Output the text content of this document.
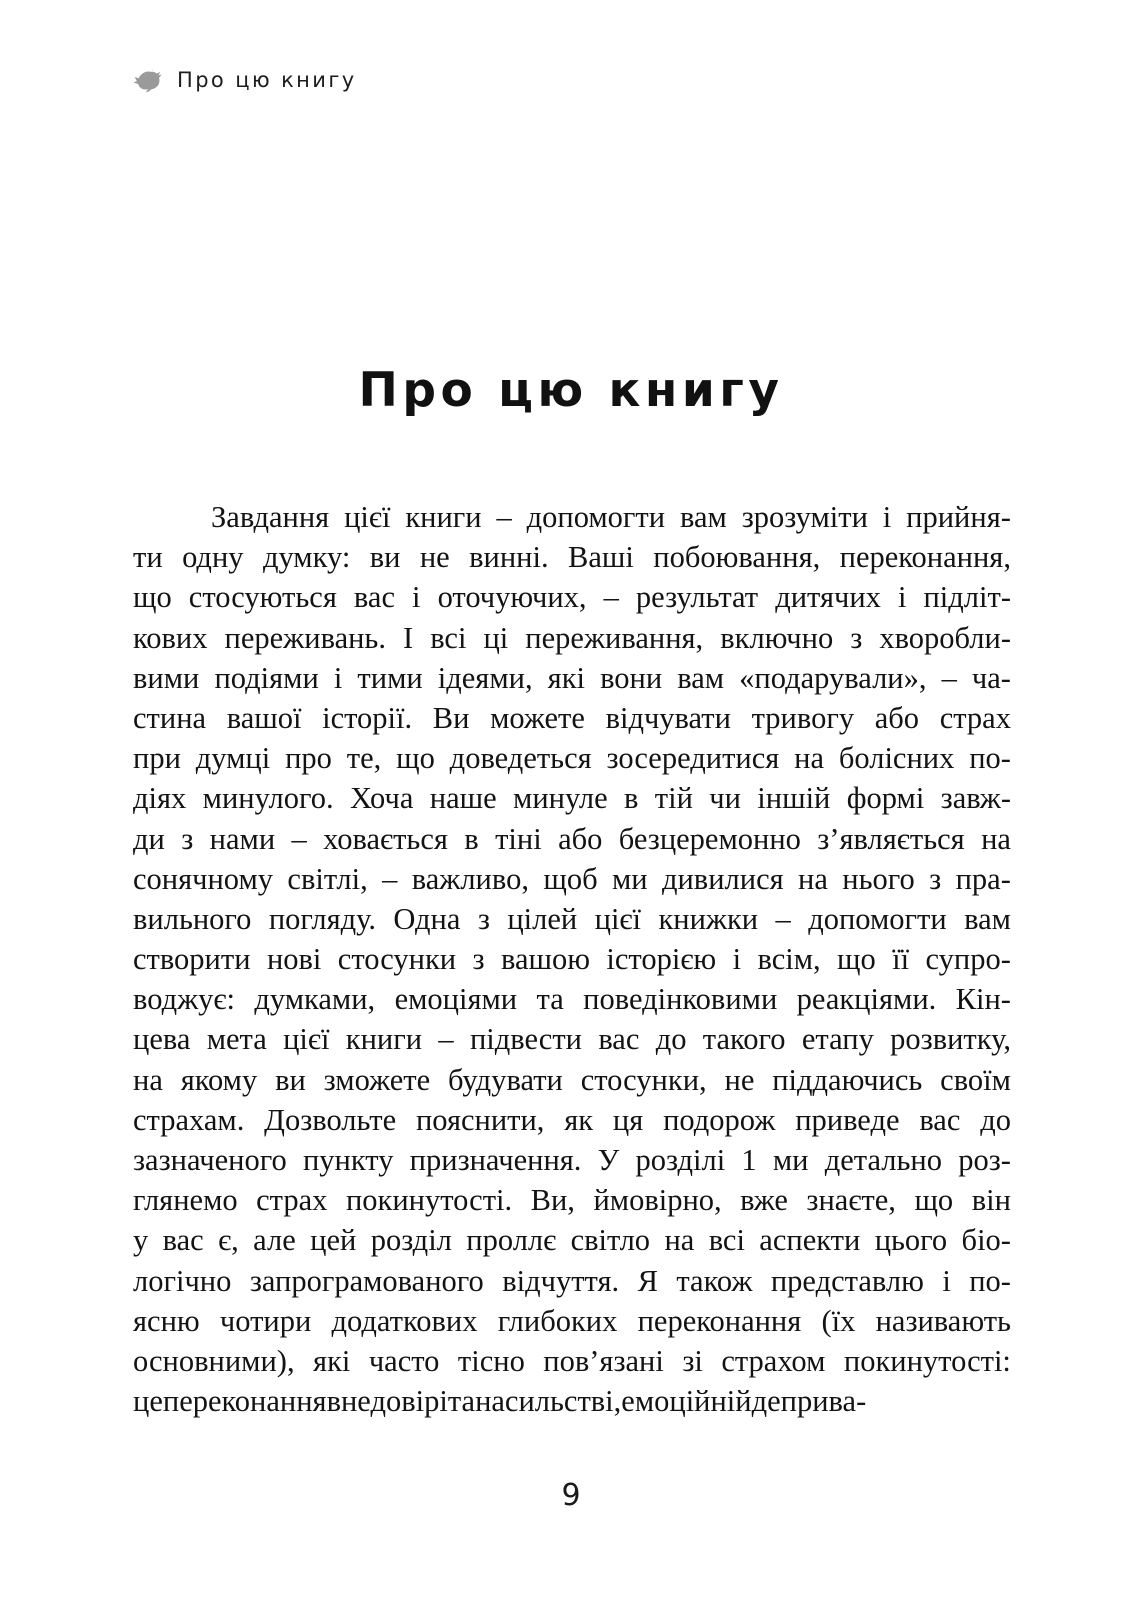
Про цю книгу
Про цю книгу
Завдання цієї книги – допомогти вам зрозуміти і прийня-
ти одну думку: ви не винні. Ваші побоювання, переконання,
що стосуються вас і оточуючих, – результат дитячих і підліт-
кових переживань. І всі ці переживання, включно з хворобли-
вими подіями і тими ідеями, які вони вам «подарували», – ча-
стина вашої історії. Ви можете відчувати тривогу або страх
при думці про те, що доведеться зосередитися на болісних по-
діях минулого. Хоча наше минуле в тій чи іншій формі завж-
ди з нами – ховається в тіні або безцеремонно з’являється на
сонячному світлі, – важливо, щоб ми дивилися на нього з пра-
вильного погляду. Одна з цілей цієї книжки – допомогти вам
створити нові стосунки з вашою історією і всім, що її супро-
воджує: думками, емоціями та поведінковими реакціями. Кін-
цева мета цієї книги – підвести вас до такого етапу розвитку,
на якому ви зможете будувати стосунки, не піддаючись своїм
страхам. Дозвольте пояснити, як ця подорож приведе вас до
зазначеного пункту призначення. У розділі 1 ми детально роз-
глянемо страх покинутості. Ви, ймовірно, вже знаєте, що він
у вас є, але цей розділ проллє світло на всі аспекти цього біо-
логічно запрограмованого відчуття. Я також представлю і по-
ясню чотири додаткових глибоких переконання (їх називають
основними), які часто тісно пов’язані зі страхом покинутості:
це переконання в недовірі та насильстві, емоційній деприва-
9
